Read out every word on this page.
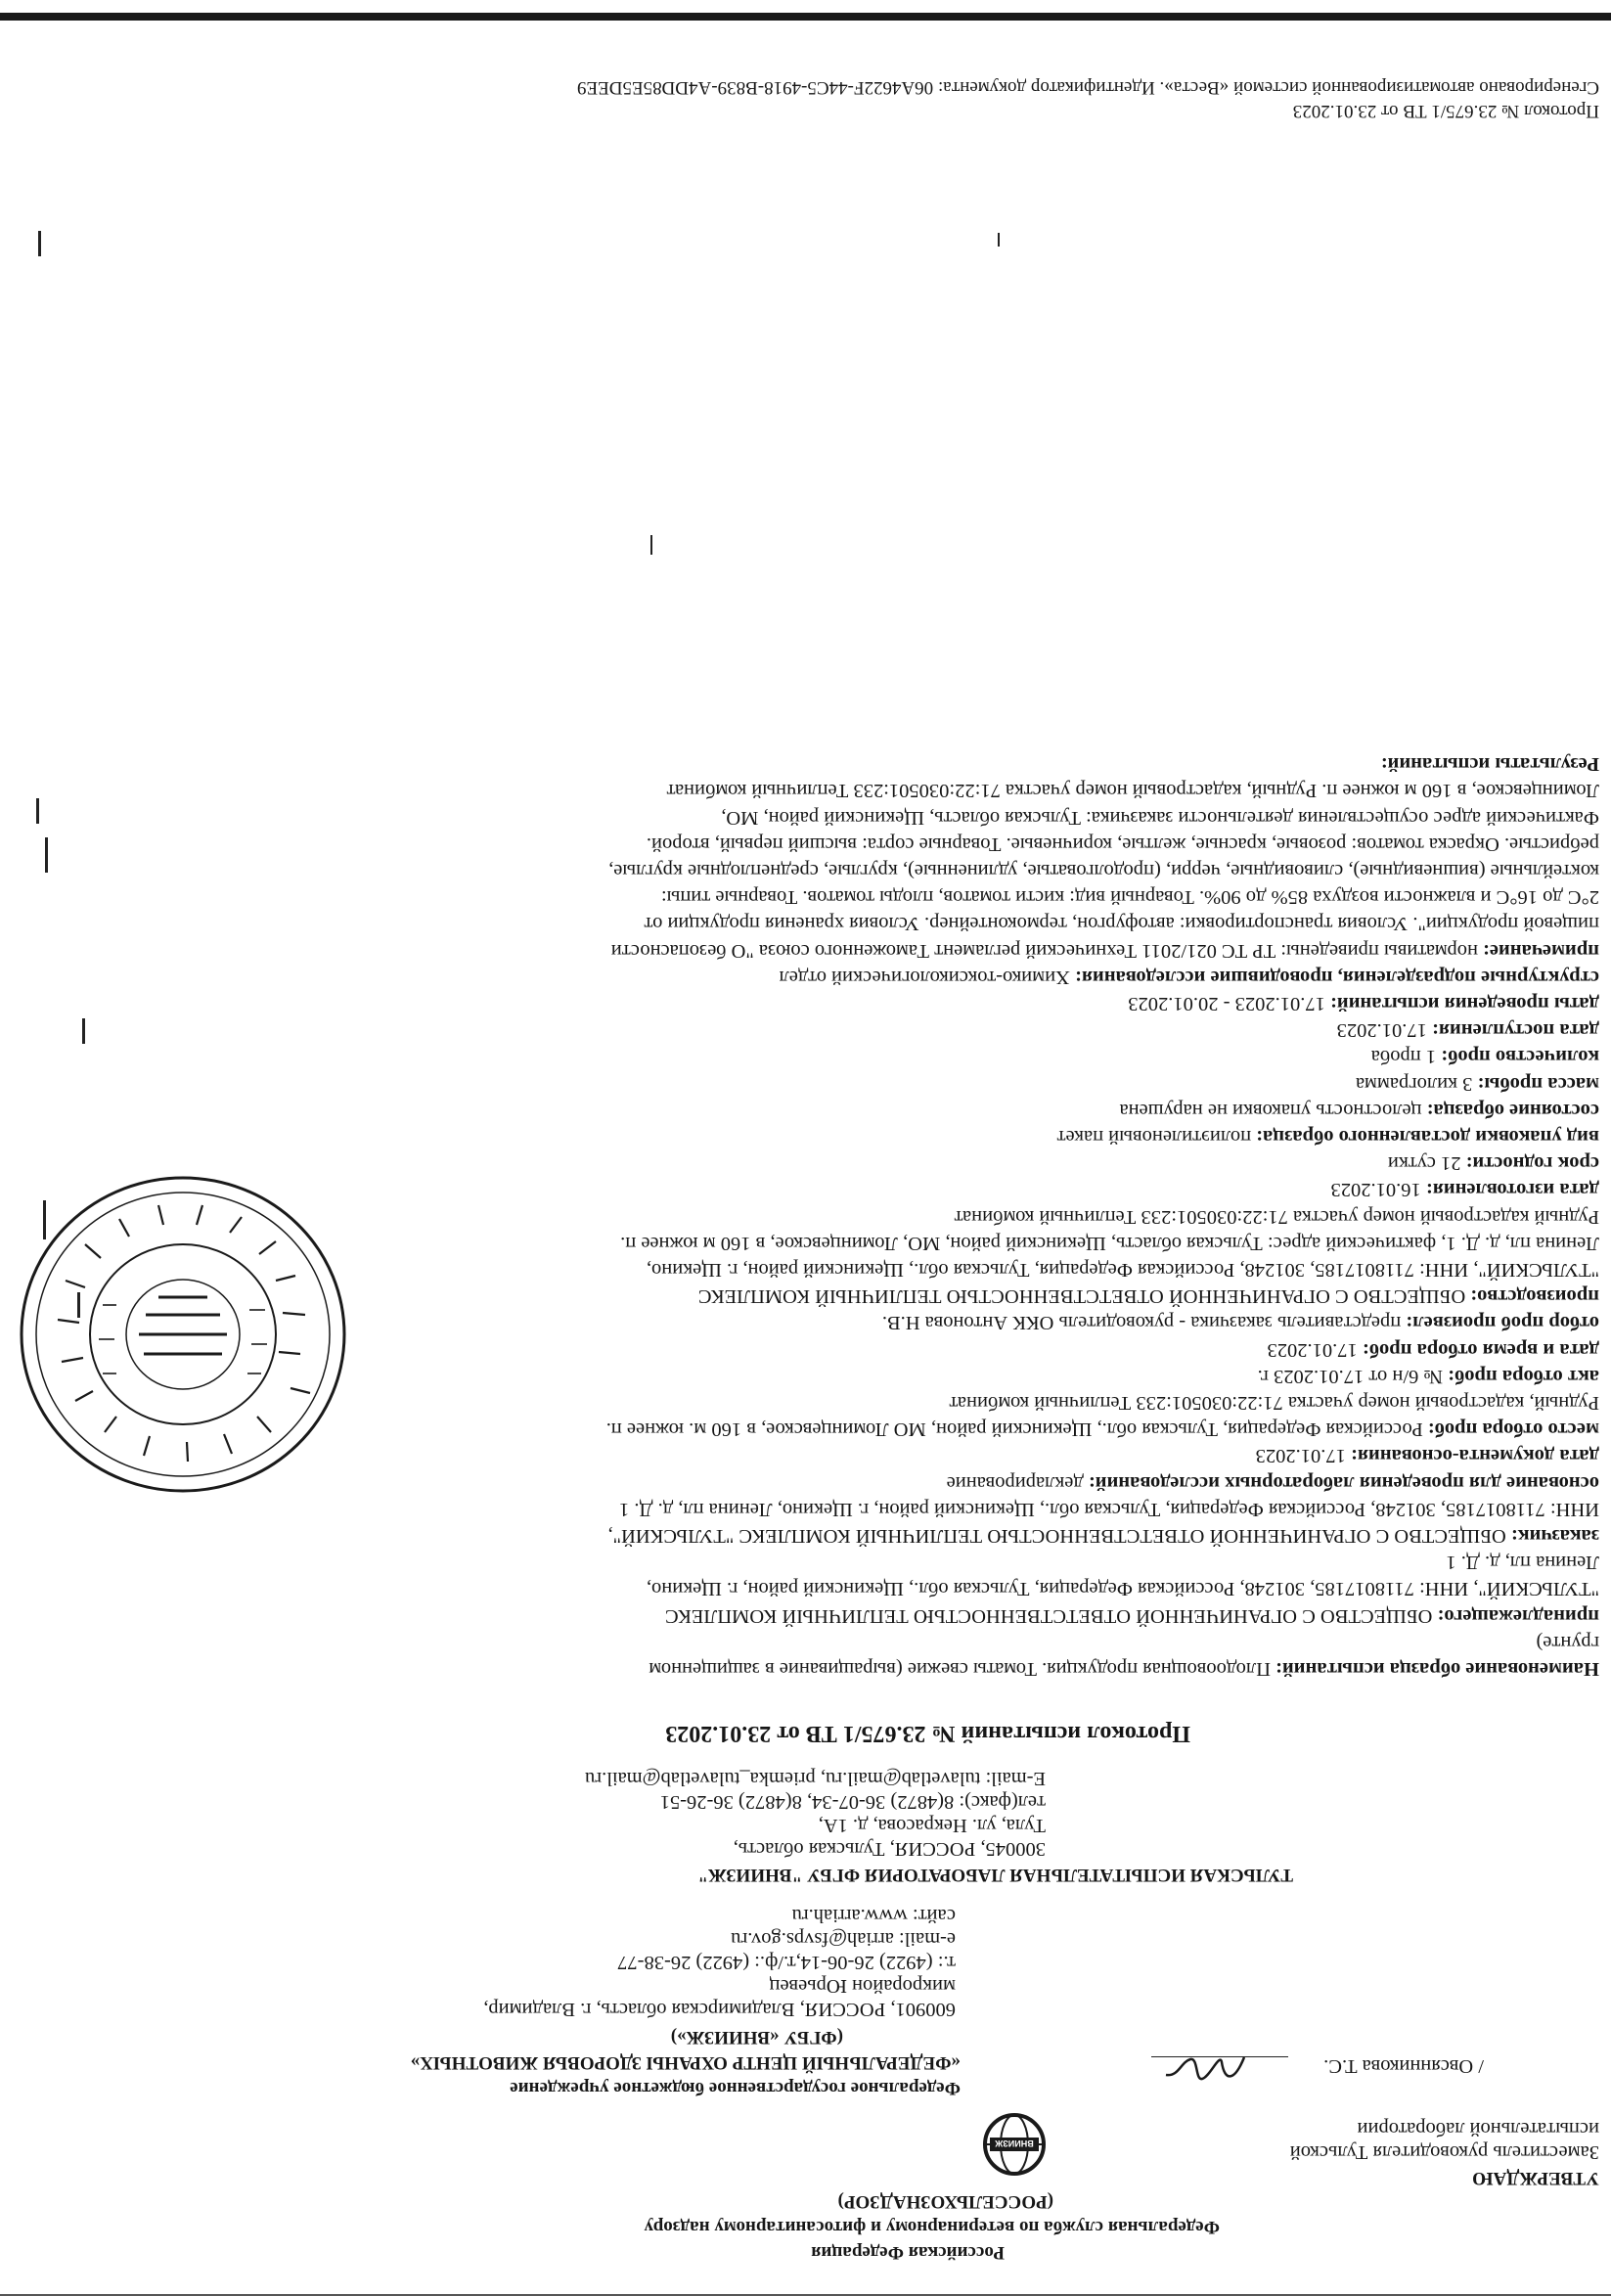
Российская Федерация
Федеральная служба по ветеринарному и фитосанитарному надзору
(РОССЕЛЬХОЗНАДЗОР)
ВНИИЗЖ
УТВЕРЖДАЮ
Заместитель руководителя Тульской
испытательной лаборатории
Федеральное государственное бюджетное учреждение
«ФЕДЕРАЛЬНЫЙ ЦЕНТР ОХРАНЫ ЗДОРОВЬЯ ЖИВОТНЫХ»
(ФГБУ «ВНИИЗЖ»)
/ Овсянникова Т.С.
600901, РОССИЯ, Владимирская область, г. Владимир,
микрорайон Юрьевец
т.: (4922) 26-06-14,т./ф.: (4922) 26-38-77
e-mail: arriah@fsvps.gov.ru
сайт: www.arriah.ru
ТУЛЬСКАЯ ИСПЫТАТЕЛЬНАЯ ЛАБОРАТОРИЯ ФГБУ "ВНИИЗЖ"
300045, РОССИЯ, Тульская область,
Тула, ул. Некрасова, д. 1А,
тел(факс): 8(4872) 36-07-34, 8(4872) 36-26-51
E-mail: tulavetlab@mail.ru, priemka_tulavetlab@mail.ru
Протокол испытаний № 23.675/1 ТВ от 23.01.2023
Наименование образца испытаний: Плодоовощная продукция. Томаты свежие (выращивание в защищенном
грунте)
принадлежащего: ОБЩЕСТВО С ОГРАНИЧЕННОЙ ОТВЕТСТВЕННОСТЬЮ ТЕПЛИЧНЫЙ КОМПЛЕКС
"ТУЛЬСКИЙ", ИНН: 7118017185, 301248, Российская Федерация, Тульская обл., Щекинский район, г. Щекино,
Ленина пл, д. Д. 1
заказчик: ОБЩЕСТВО С ОГРАНИЧЕННОЙ ОТВЕТСТВЕННОСТЬЮ ТЕПЛИЧНЫЙ КОМПЛЕКС "ТУЛЬСКИЙ",
ИНН: 7118017185, 301248, Российская Федерация, Тульская обл., Щекинский район, г. Щекино, Ленина пл, д. Д. 1
основание для проведения лабораторных исследований: декларирование
дата документа-основания: 17.01.2023
место отбора проб: Российская Федерация, Тульская обл., Щекинский район, МО Ломинцевское, в 160 м. южнее п.
Рудный, кадастровый номер участка 71:22:030501:233 Тепличный комбинат
акт отбора проб: № 6/н от 17.01.2023 г.
дата и время отбора проб: 17.01.2023
отбор проб произвел: представитель заказчика - руководитель ОКК Антонова Н.В.
производство: ОБЩЕСТВО С ОГРАНИЧЕННОЙ ОТВЕТСТВЕННОСТЬЮ ТЕПЛИЧНЫЙ КОМПЛЕКС
"ТУЛЬСКИЙ", ИНН: 7118017185, 301248, Российская Федерация, Тульская обл., Щекинский район, г. Щекино,
Ленина пл, д. Д. 1, фактический адрес: Тульская область, Щекинский район, МО, Ломинцевское, в 160 м южнее п.
Рудный кадастровый номер участка 71:22:030501:233 Тепличный комбинат
дата изготовления: 16.01.2023
срок годности: 21 сутки
вид упаковки доставленного образца: полиэтиленовый пакет
состояние образца: целостность упаковки не нарушена
масса пробы: 3 килограмма
количество проб: 1 проба
дата поступления: 17.01.2023
даты проведения испытаний: 17.01.2023 - 20.01.2023
структурные подразделения, проводившие исследования: Химико-токсикологический отдел
примечание: нормативы приведены: ТР ТС 021/2011 Технический регламент Таможенного союза "О безопасности
пищевой продукции". Условия транспортировки: автофургон, термоконтейнер. Условия хранения продукции от
2°С до 16°С и влажности воздуха 85% до 90%. Товарный вид: кисти томатов, плоды томатов. Товарные типы:
коктейльные (вишневидные), сливовидные, черри, (продолговатые, удлиненные), круглые, среднеплодные круглые,
ребристые. Окраска томатов: розовые, красные, желтые, коричневые. Товарные сорта: высший первый, второй.
Фактический адрес осуществления деятельности заказчика: Тульская область, Щекинский район, МО,
Ломинцевское, в 160 м южнее п. Рудный, кадастровый номер участка 71:22:030501:233 Тепличный комбинат
Результаты испытаний:
Протокол № 23.675/1 ТВ от 23.01.2023
Сгенерировано автоматизированной системой «Веста». Идентификатор документа: 06A4622F-44C5-4918-B839-A4DD85E5DEE9
